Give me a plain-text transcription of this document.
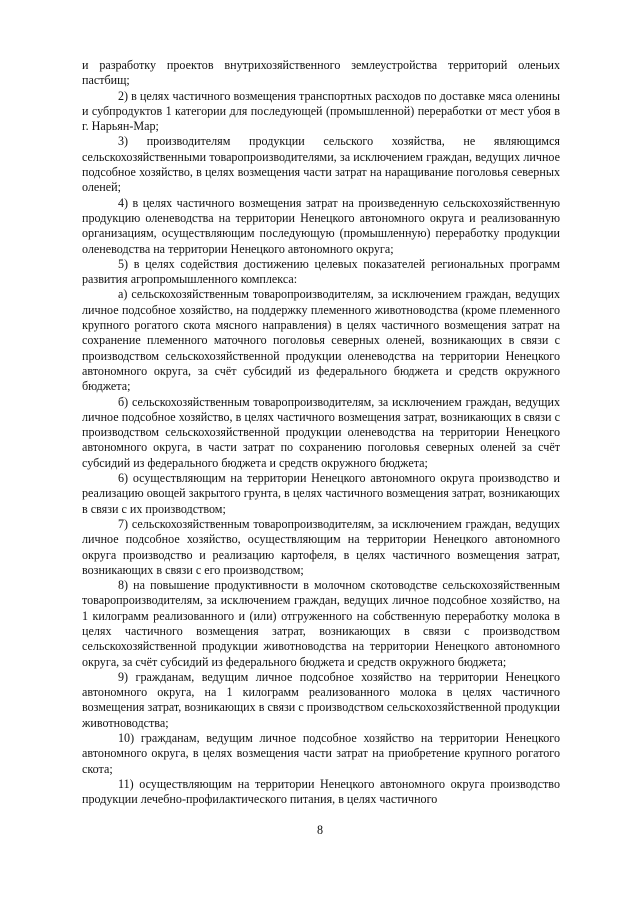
и разработку проектов внутрихозяйственного землеустройства территорий оленьих пастбищ;

2) в целях частичного возмещения транспортных расходов по доставке мяса оленины и субпродуктов 1 категории для последующей (промышленной) переработки от мест убоя в г. Нарьян-Мар;

3) производителям продукции сельского хозяйства, не являющимся сельскохозяйственными товаропроизводителями, за исключением граждан, ведущих личное подсобное хозяйство, в целях возмещения части затрат на наращивание поголовья северных оленей;

4) в целях частичного возмещения затрат на произведенную сельскохозяйственную продукцию оленеводства на территории Ненецкого автономного округа и реализованную организациям, осуществляющим последующую (промышленную) переработку продукции оленеводства на территории Ненецкого автономного округа;

5) в целях содействия достижению целевых показателей региональных программ развития агропромышленного комплекса:

а) сельскохозяйственным товаропроизводителям, за исключением граждан, ведущих личное подсобное хозяйство, на поддержку племенного животноводства (кроме племенного крупного рогатого скота мясного направления) в целях частичного возмещения затрат на сохранение племенного маточного поголовья северных оленей, возникающих в связи с производством сельскохозяйственной продукции оленеводства на территории Ненецкого автономного округа, за счёт субсидий из федерального бюджета и средств окружного бюджета;

б) сельскохозяйственным товаропроизводителям, за исключением граждан, ведущих личное подсобное хозяйство, в целях частичного возмещения затрат, возникающих в связи с производством сельскохозяйственной продукции оленеводства на территории Ненецкого автономного округа, в части затрат по сохранению поголовья северных оленей за счёт субсидий из федерального бюджета и средств окружного бюджета;

6) осуществляющим на территории Ненецкого автономного округа производство и реализацию овощей закрытого грунта, в целях частичного возмещения затрат, возникающих в связи с их производством;

7) сельскохозяйственным товаропроизводителям, за исключением граждан, ведущих личное подсобное хозяйство, осуществляющим на территории Ненецкого автономного округа производство и реализацию картофеля, в целях частичного возмещения затрат, возникающих в связи с его производством;

8) на повышение продуктивности в молочном скотоводстве сельскохозяйственным товаропроизводителям, за исключением граждан, ведущих личное подсобное хозяйство, на 1 килограмм реализованного и (или) отгруженного на собственную переработку молока в целях частичного возмещения затрат, возникающих в связи с производством сельскохозяйственной продукции животноводства на территории Ненецкого автономного округа, за счёт субсидий из федерального бюджета и средств окружного бюджета;

9) гражданам, ведущим личное подсобное хозяйство на территории Ненецкого автономного округа, на 1 килограмм реализованного молока в целях частичного возмещения затрат, возникающих в связи с производством сельскохозяйственной продукции животноводства;

10) гражданам, ведущим личное подсобное хозяйство на территории Ненецкого автономного округа, в целях возмещения части затрат на приобретение крупного рогатого скота;

11) осуществляющим на территории Ненецкого автономного округа производство продукции лечебно-профилактического питания, в целях частичного

8
